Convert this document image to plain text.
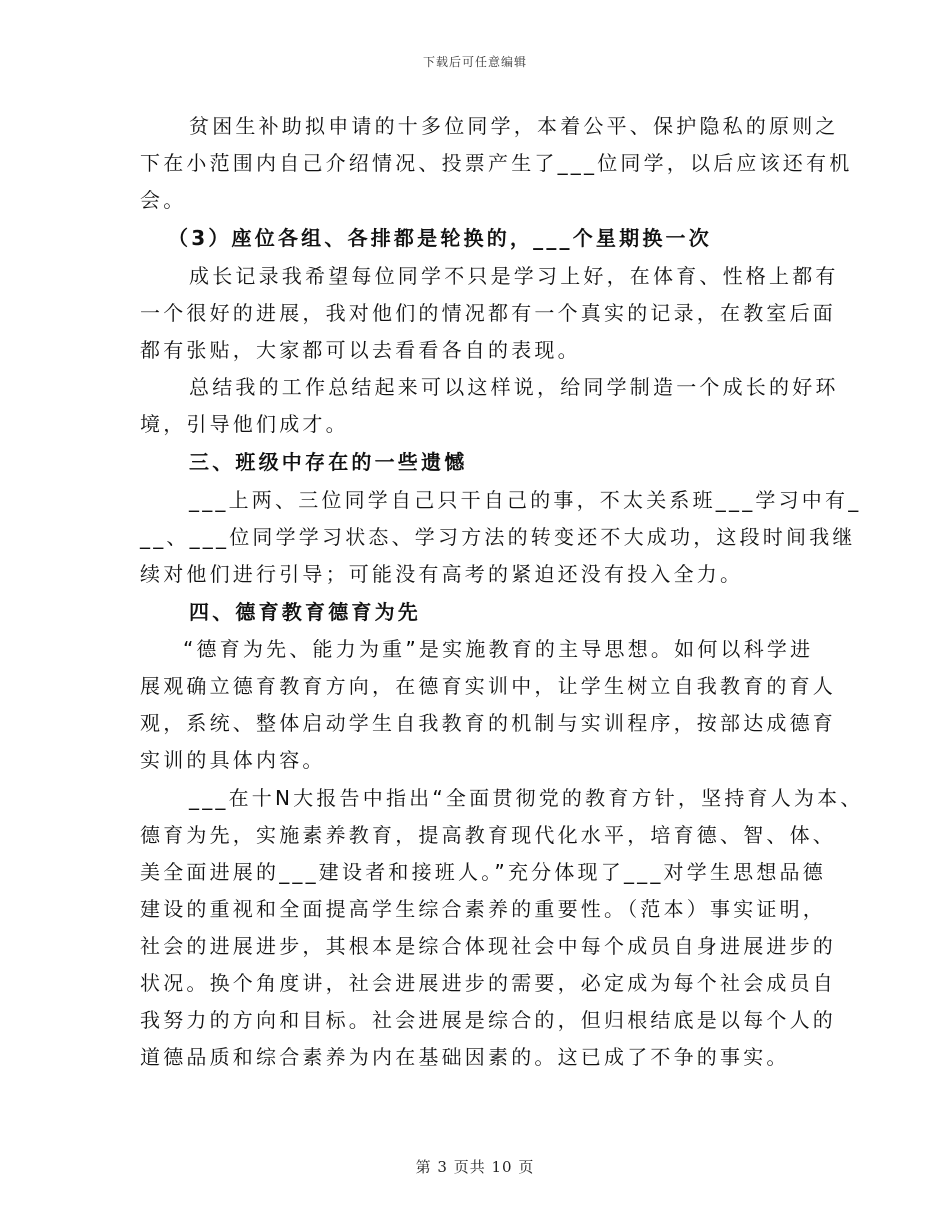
下载后可任意编辑
贫困生补助拟申请的十多位同学，本着公平、保护隐私的原则之
下在小范围内自己介绍情况、投票产生了___位同学，以后应该还有机
会。
（3）座位各组、各排都是轮换的，___个星期换一次
成长记录我希望每位同学不只是学习上好，在体育、性格上都有
一个很好的进展，我对他们的情况都有一个真实的记录，在教室后面
都有张贴，大家都可以去看看各自的表现。
总结我的工作总结起来可以这样说，给同学制造一个成长的好环
境，引导他们成才。
三、班级中存在的一些遗憾
___上两、三位同学自己只干自己的事，不太关系班___学习中有_
__、___位同学学习状态、学习方法的转变还不大成功，这段时间我继
续对他们进行引导；可能没有高考的紧迫还没有投入全力。
四、德育教育德育为先
“德育为先、能力为重”是实施教育的主导思想。如何以科学进
展观确立德育教育方向，在德育实训中，让学生树立自我教育的育人
观，系统、整体启动学生自我教育的机制与实训程序，按部达成德育
实训的具体内容。
___在十N大报告中指出“全面贯彻党的教育方针，坚持育人为本、
德育为先，实施素养教育，提高教育现代化水平，培育德、智、体、
美全面进展的___建设者和接班人。”充分体现了___对学生思想品德
建设的重视和全面提高学生综合素养的重要性。（范本）事实证明，
社会的进展进步，其根本是综合体现社会中每个成员自身进展进步的
状况。换个角度讲，社会进展进步的需要，必定成为每个社会成员自
我努力的方向和目标。社会进展是综合的，但归根结底是以每个人的
道德品质和综合素养为内在基础因素的。这已成了不争的事实。
第 3 页共 10 页
